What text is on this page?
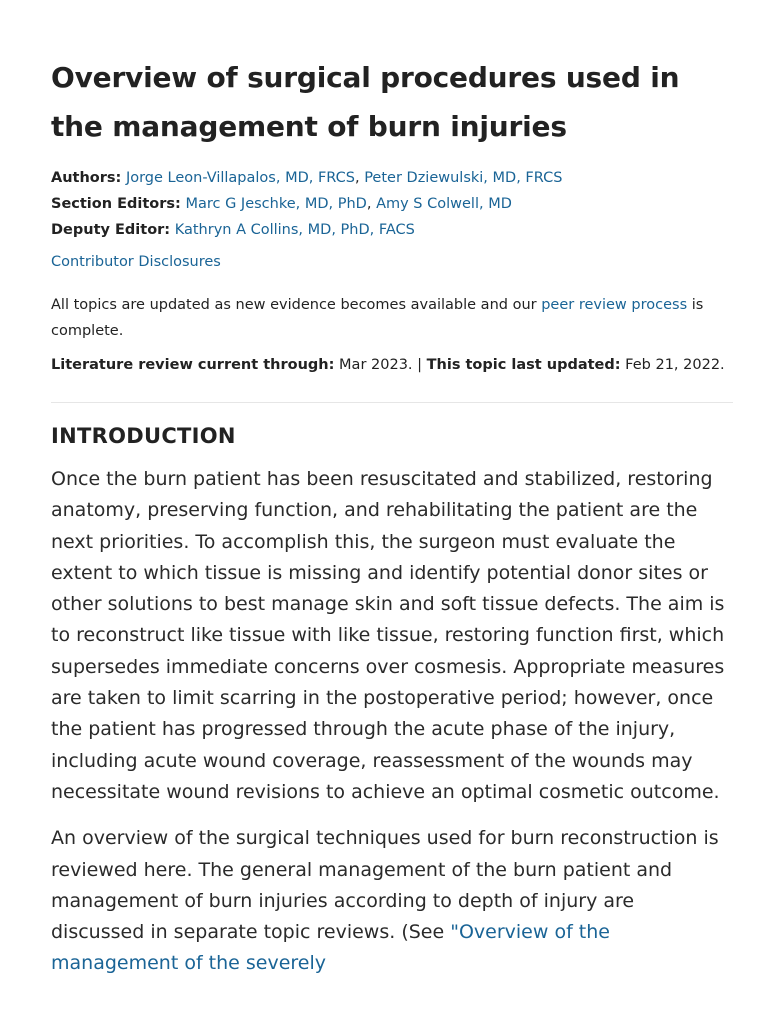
Overview of surgical procedures used in the management of burn injuries
Authors: Jorge Leon-Villapalos, MD, FRCS, Peter Dziewulski, MD, FRCS
Section Editors: Marc G Jeschke, MD, PhD, Amy S Colwell, MD
Deputy Editor: Kathryn A Collins, MD, PhD, FACS
Contributor Disclosures
All topics are updated as new evidence becomes available and our peer review process is complete.
Literature review current through: Mar 2023. | This topic last updated: Feb 21, 2022.
INTRODUCTION

Once the burn patient has been resuscitated and stabilized, restoring anatomy, preserving function, and rehabilitating the patient are the next priorities. To accomplish this, the surgeon must evaluate the extent to which tissue is missing and identify potential donor sites or other solutions to best manage skin and soft tissue defects. The aim is to reconstruct like tissue with like tissue, restoring function first, which supersedes immediate concerns over cosmesis. Appropriate measures are taken to limit scarring in the postoperative period; however, once the patient has progressed through the acute phase of the injury, including acute wound coverage, reassessment of the wounds may necessitate wound revisions to achieve an optimal cosmetic outcome.

An overview of the surgical techniques used for burn reconstruction is reviewed here. The general management of the burn patient and management of burn injuries according to depth of injury are discussed in separate topic reviews. (See "Overview of the management of the severely
